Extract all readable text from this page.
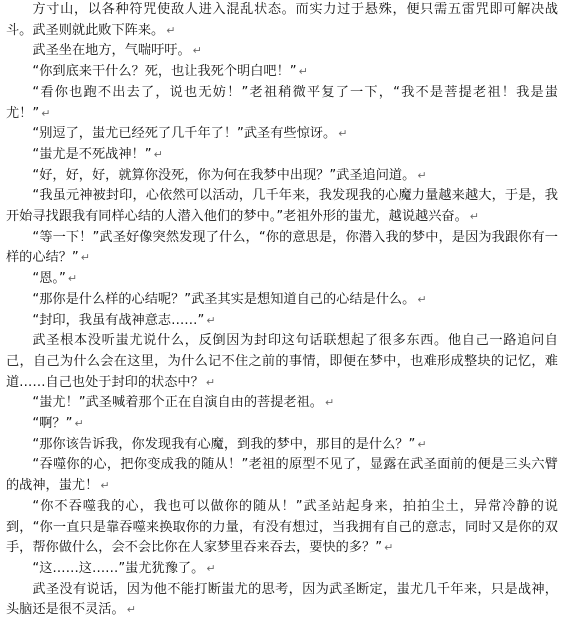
方寸山，以各种符咒使敌人进入混乱状态。而实力过于悬殊，便只需五雷咒即可解决战斗。武圣则就此败下阵来。 ↵

武圣坐在地方，气喘吁吁。 ↵

“你到底来干什么？死，也让我死个明白吧！” ↵

“看你也跑不出去了，说也无妨！”老祖稍微平复了一下，“我不是菩提老祖！我是蚩尤！” ↵

“别逗了，蚩尤已经死了几千年了！”武圣有些惊讶。 ↵

“蚩尤是不死战神！” ↵

“好，好，好，就算你没死，你为何在我梦中出现？”武圣追问道。 ↵

“我虽元神被封印，心依然可以活动，几千年来，我发现我的心魔力量越来越大，于是，我开始寻找跟我有同样心结的人潜入他们的梦中。”老祖外形的蚩尤，越说越兴奋。 ↵

“等一下！”武圣好像突然发现了什么，“你的意思是，你潜入我的梦中，是因为我跟你有一样的心结？” ↵

“恩。” ↵

“那你是什么样的心结呢？”武圣其实是想知道自己的心结是什么。 ↵

“封印，我虽有战神意志……” ↵

武圣根本没听蚩尤说什么，反倒因为封印这句话联想起了很多东西。他自己一路追问自己，自己为什么会在这里，为什么记不住之前的事情，即便在梦中，也难形成整块的记忆，难道……自己也处于封印的状态中？ ↵

“蚩尤！”武圣喊着那个正在自演自由的菩提老祖。 ↵

“啊？” ↵

“那你该告诉我，你发现我有心魔，到我的梦中，那目的是什么？” ↵

“吞噬你的心，把你变成我的随从！”老祖的原型不见了，显露在武圣面前的便是三头六臂的战神，蚩尤！ ↵

“你不吞噬我的心，我也可以做你的随从！”武圣站起身来，拍拍尘土，异常冷静的说到，“你一直只是靠吞噬来换取你的力量，有没有想过，当我拥有自己的意志，同时又是你的双手，帮你做什么，会不会比你在人家梦里吞来吞去，要快的多？” ↵

“这……这……”蚩尤犹豫了。 ↵

武圣没有说话，因为他不能打断蚩尤的思考，因为武圣断定，蚩尤几千年来，只是战神，头脑还是很不灵活。 ↵
